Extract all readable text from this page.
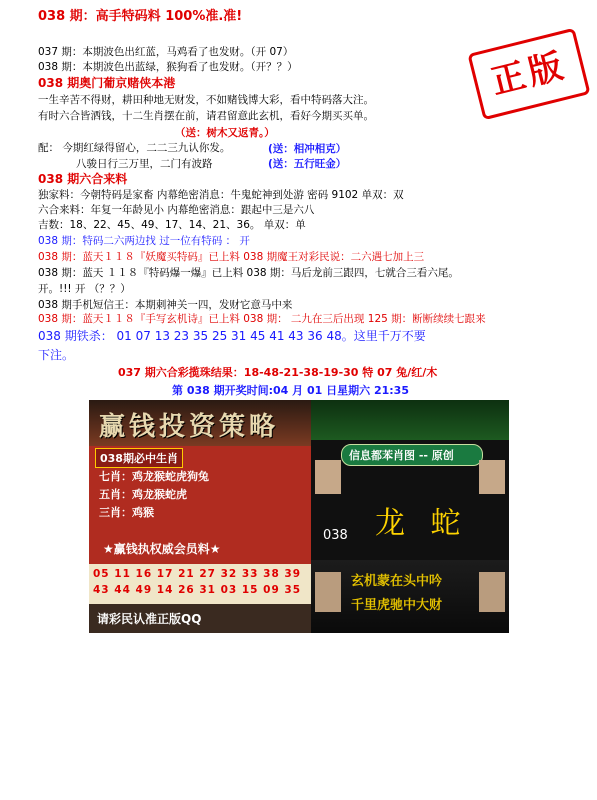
038 期：高手特码料 100%准.准!
037 期：本期波色出红蓝，马鸡看了也发财。（开 07）
038 期：本期波色出蓝绿，猴狗看了也发财。（开？？）	正版
038 期奥门葡京赌侠本港
一生辛苦不得财，耕田种地无财发，不如赌钱博大彩，看中特码落大注。
有时六合皆洒钱，十二生肖摆在前，请君留意此玄机，看好今期买买单。
（送：树木又返青。）
配： 今期红绿得留心，二二三九认你发。	(送：相冲相克）
八骏日行三万里，二门有波路	(送：五行旺金）
038 期六合来料
独家料：今朝特码是家畜 内幕绝密消息：牛鬼蛇神到处游 密码 9102 单双：双
六合来料：年复一年龄见小 内幕绝密消息：跟起中三是六八
吉数：18、22、45、49、17、14、21、36。 单双：单
038 期：特码二六两边找 过一位有特码 ： 开
038 期：蓝天１１８『妖魔买特码』已上料 038 期魔王对彩民说：二六遇七加上三
038 期：蓝天 １１８『特码爆一爆』已上料 038 期：马后龙前三跟四，七就合三看六尾。
开。!!! 开 （？？）
038 期手机短信王：本期刺神关一四，发财它意马中来
038 期：蓝天１１８『手写玄机诗』已上料 038 期： 二九在三后出现 125 期：断断续续七跟来
038 期铁杀： 01 07 13 23 35 25 31 45 41 43 36 48。这里千万不要
下注。
037 期六合彩揽珠结果：18-48-21-38-19-30 特 07 兔/红/木
第 038 期开奖时间:04 月 01 日星期六 21:35
赢钱投资策略
038期必中生肖
七肖：鸡龙猴蛇虎狗兔
五肖：鸡龙猴蛇虎
三肖：鸡猴
★赢钱执权威会员料★
05 11 16 17 21 27 32 33 38 39
43 44 49 14 26 31 03 15 09 35
请彩民认准正版QQ
信息都苯肖图 -- 原创
038 龙 蛇
玄机蒙在头中吟
千里虎驰中大财
